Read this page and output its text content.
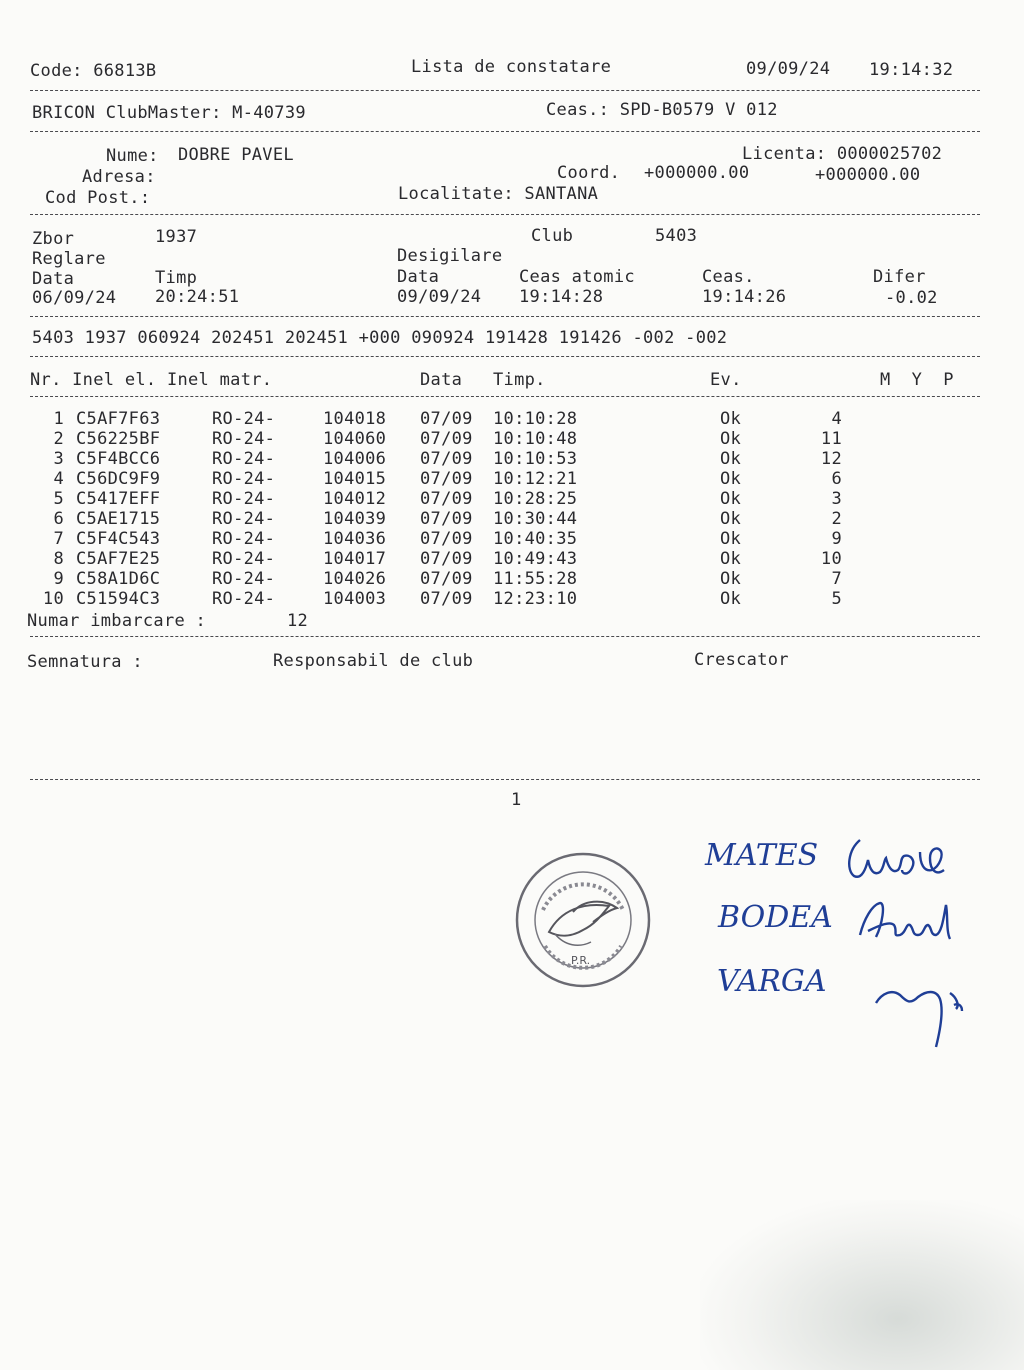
Code: 66813B	Lista de constatare	09/09/24 19:14:32
BRICON ClubMaster: M-40739	Ceas.: SPD-B0579 V 012
Nume: DOBRE PAVEL	Licenta: 0000025702
Adresa:	Coord. +000000.00	+000000.00
Cod Post.:	Localitate: SANTANA
Zbor	1937	Club	5403
Reglare	Desigilare
Data	Timp	Data	Ceas atomic	Ceas.	Difer
06/09/24 20:24:51	09/09/24 19:14:28	19:14:26	-0.02
5403 1937 060924 202451 202451 +000 090924 191428 191426 -002 -002
Nr. Inel el. Inel matr.	Data Timp.	Ev.	M  Y  P
1 C5AF7F63	RO-24-	104018 07/09 10:10:28	Ok	4
2 C56225BF	RO-24-	104060 07/09 10:10:48	Ok	11
3 C5F4BCC6	RO-24-	104006 07/09 10:10:53	Ok	12
4 C56DC9F9	RO-24-	104015 07/09 10:12:21	Ok	6
5 C5417EFF	RO-24-	104012 07/09 10:28:25	Ok	3
6 C5AE1715	RO-24-	104039 07/09 10:30:44	Ok	2
7 C5F4C543	RO-24-	104036 07/09 10:40:35	Ok	9
8 C5AF7E25	RO-24-	104017 07/09 10:49:43	Ok	10
9 C58A1D6C	RO-24-	104026 07/09 11:55:28	Ok	7
10 C51594C3	RO-24-	104003 07/09 12:23:10	Ok	5
Numar imbarcare :	12
Semnatura :	Responsabil de club	Crescator
1
P.R.
MATES
BODEA
VARGA
